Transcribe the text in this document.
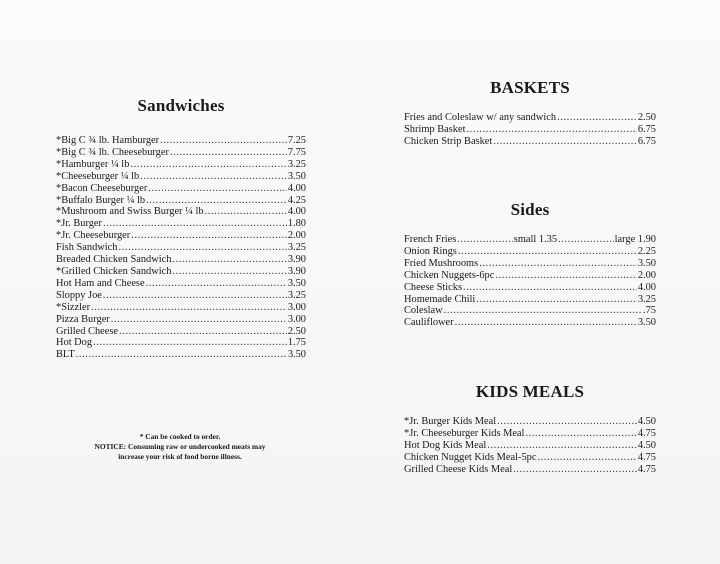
Sandwiches
*Big C ¾ lb. Hamburger .....	7.25
*Big C ¾ lb. Cheeseburger .....	7.75
*Hamburger ¼ lb .....	3.25
*Cheeseburger ¼ lb .....	3.50
*Bacon Cheeseburger .....	4.00
*Buffalo Burger ¼ lb .....	4.25
*Mushroom and Swiss Burger ¼ lb .....	4.00
*Jr. Burger .....	1.80
*Jr. Cheeseburger .....	2.00
Fish Sandwich .....	3.25
Breaded Chicken Sandwich .....	3.90
*Grilled Chicken Sandwich .....	3.90
Hot Ham and Cheese .....	3.50
Sloppy Joe .....	3.25
*Sizzler .....	3.00
Pizza Burger .....	3.00
Grilled Cheese .....	2.50
Hot Dog .....	1.75
BLT .....	3.50

* Can be cooked to order.

NOTICE: Consuming raw or undercooked meats may

increase your risk of food borne illness.

BASKETS
Fries and Coleslaw w/ any sandwich .....	2.50
Shrimp Basket .....	6.75
Chicken Strip Basket .....	6.75
Sides
French Fries .....	small 1.35 .....	large 1.90
Onion Rings .....	2.25
Fried Mushrooms .....	3.50
Chicken Nuggets-6pc .....	2.00
Cheese Sticks .....	4.00
Homemade Chili .....	3.25
Coleslaw .....	.75
Cauliflower .....	3.50
KIDS MEALS
*Jr. Burger Kids Meal .....	4.50
*Jr. Cheeseburger Kids Meal .....	4.75
Hot Dog Kids Meal .....	4.50
Chicken Nugget Kids Meal-5pc .....	4.75
Grilled Cheese Kids Meal .....	4.75
